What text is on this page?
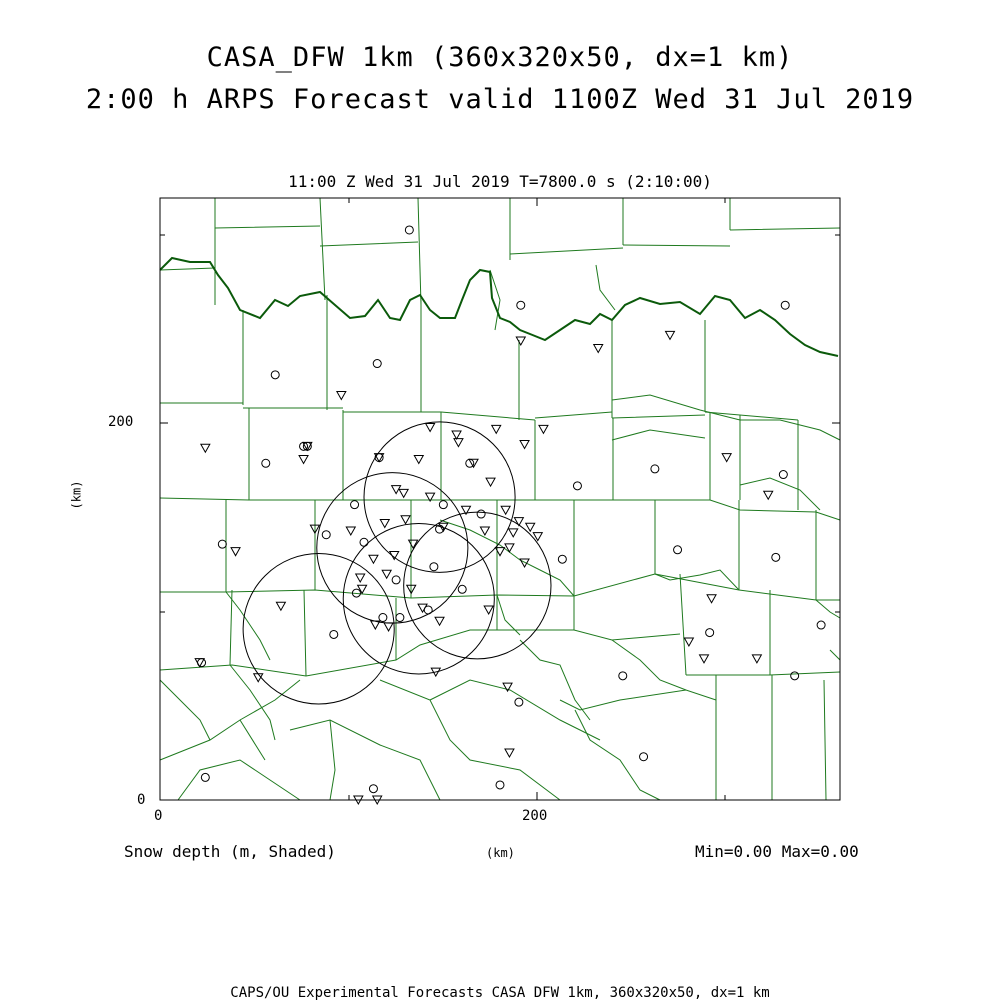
CASA_DFW 1km (360x320x50, dx=1 km)
2:00 h ARPS Forecast valid 1100Z Wed 31 Jul 2019
11:00 Z Wed 31 Jul 2019 T=7800.0 s (2:10:00)
200
0
(km)
0	200
(km)
Snow depth (m, Shaded)	Min=0.00 Max=0.00
CAPS/OU Experimental Forecasts CASA DFW 1km, 360x320x50, dx=1 km
